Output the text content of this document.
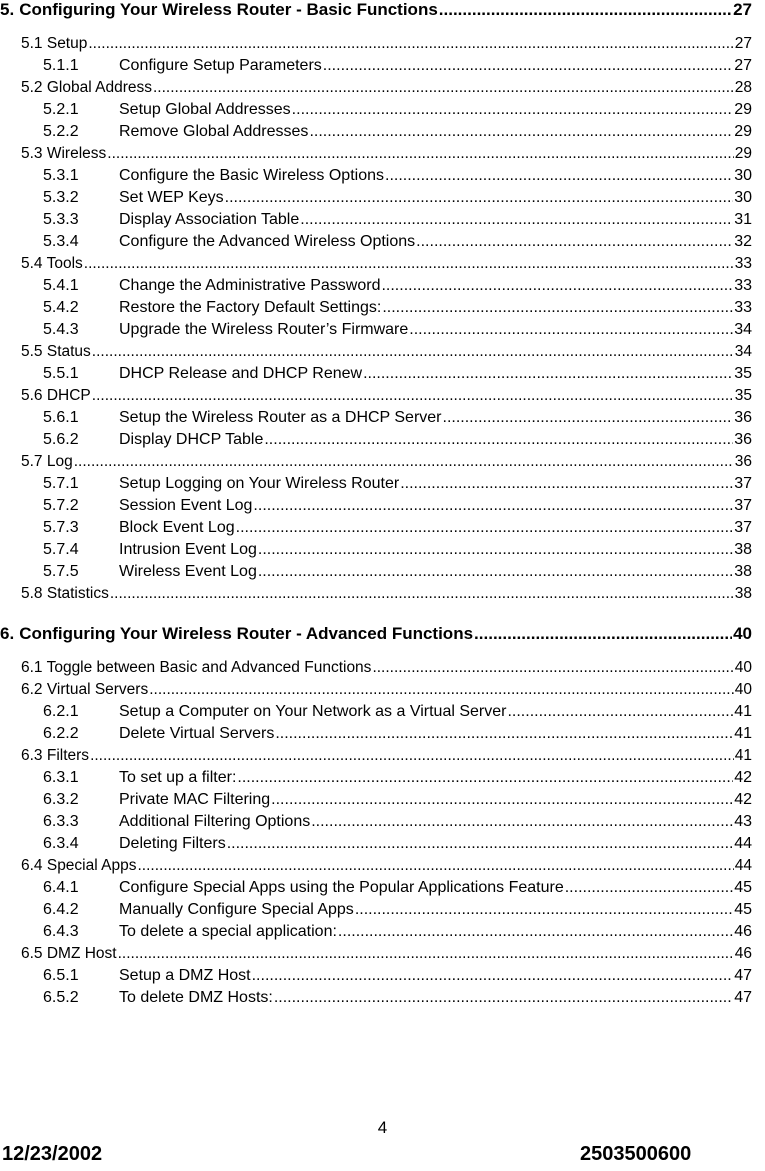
5. Configuring Your Wireless Router - Basic Functions .....	27
5.1 Setup .....	27
5.1.1	Configure Setup Parameters .....	27
5.2 Global Address .....	28
5.2.1	Setup Global Addresses .....	29
5.2.2	Remove Global Addresses .....	29
5.3 Wireless .....	29
5.3.1	Configure the Basic Wireless Options .....	30
5.3.2	Set WEP Keys .....	30
5.3.3	Display Association Table .....	31
5.3.4	Configure the Advanced Wireless Options .....	32
5.4 Tools .....	33
5.4.1	Change the Administrative Password .....	33
5.4.2	Restore the Factory Default Settings: .....	33
5.4.3	Upgrade the Wireless Router’s Firmware .....	34
5.5 Status .....	34
5.5.1	DHCP Release and DHCP Renew .....	35
5.6 DHCP .....	35
5.6.1	Setup the Wireless Router as a DHCP Server .....	36
5.6.2	Display DHCP Table .....	36
5.7 Log .....	36
5.7.1	Setup Logging on Your Wireless Router .....	37
5.7.2	Session Event Log .....	37
5.7.3	Block Event Log .....	37
5.7.4	Intrusion Event Log .....	38
5.7.5	Wireless Event Log .....	38
5.8 Statistics .....	38
6. Configuring Your Wireless Router - Advanced Functions .....	40
6.1 Toggle between Basic and Advanced Functions .....	40
6.2 Virtual Servers .....	40
6.2.1	Setup a Computer on Your Network as a Virtual Server .....	41
6.2.2	Delete Virtual Servers .....	41
6.3 Filters .....	41
6.3.1	To set up a filter: .....	42
6.3.2	Private MAC Filtering .....	42
6.3.3	Additional Filtering Options .....	43
6.3.4	Deleting Filters .....	44
6.4 Special Apps .....	44
6.4.1	Configure Special Apps using the Popular Applications Feature .....	45
6.4.2	Manually Configure Special Apps .....	45
6.4.3	To delete a special application: .....	46
6.5 DMZ Host .....	46
6.5.1	Setup a DMZ Host .....	47
6.5.2	To delete DMZ Hosts: .....	47
4
12/23/2002	2503500600
